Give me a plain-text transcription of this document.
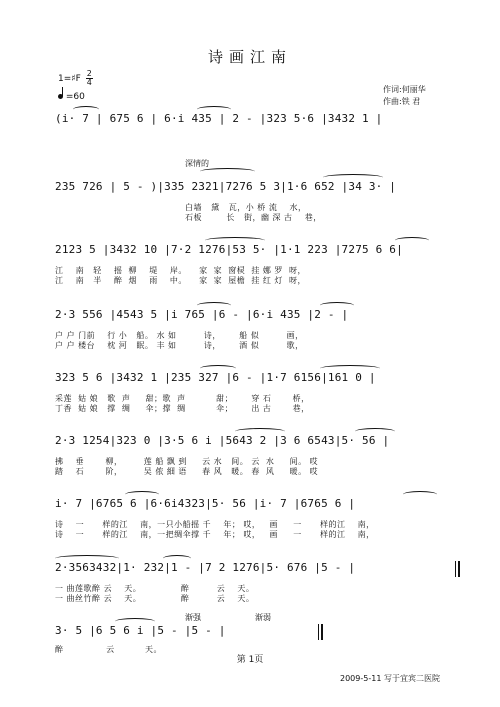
诗画江南
1=♯F $\frac{2}{4}$
=60
作词:何丽华
作曲:铁 君
(i· 7 | 675 6 | 6·i 435 | 2 - |323 5·6 |3432 1 |
深情的
235 726 | 5 - )|335 2321|7276 5 3|1·6 652 |34 3· |
白墙   黛   瓦，小 桥 流    水，
石板        长   街，幽 深 古    巷，
2123 5 |3432 10 |7·2 1276|53 5· |1·1 223 |7275 6 6|
江    南   轻    摇  柳    堤    岸。    家  家  窗棂  挂 娜 罗  呀，
江    南   半    醉  烟    雨    中。    家  家  屋檐  挂 红 灯  呀，
2·3 556 |4543 5 |i 765 |6 - |6·i 435 |2 - |
户 户 门前    行 小   船。 水 如         诗，      船 似         画，
户 户 楼台    枕 河   眠。 丰 如         诗，      酒 似         歌，
323 5 6 |3432 1 |235 327 |6 - |1·7 6156|161 0 |
采莲  姑 娘   歌  声     甜；歌  声          甜；      穿 石       桥，
丁香  姑 娘   撑  绸     伞；撑  绸          伞；      出 古       巷，
2·3 1254|323 0 |3·5 6 i |5643 2 |3 6 6543|5· 56 |
拂    垂       柳，       莲 船 飘 到     云 水   间。 云  水     间。 哎
踏    石       阶，       吴 侬 細 语     春 风   暖。 春  风     暖。 哎
i· 7 |6765 6 |6·6i4323|5· 56 |i· 7 |6765 6 |
诗    一      样的江    南，一只小船摇 千    年； 哎，   画     一      样的江    南，
诗    一      样的江    南，一把绸伞撑 千    年； 哎，   画     一      样的江    南，
2·3563432|1· 232|1 - |7 2 1276|5· 676 |5 - |
一 曲莲歌醉 云    天。             醉         云    天。
一 曲丝竹醉 云    天。             醉         云    天。
渐强	渐弱
3· 5 |6 5 6 i |5 - |5 - |
醉              云          天。
第 1页
2009-5-11 写于宜宾二医院
